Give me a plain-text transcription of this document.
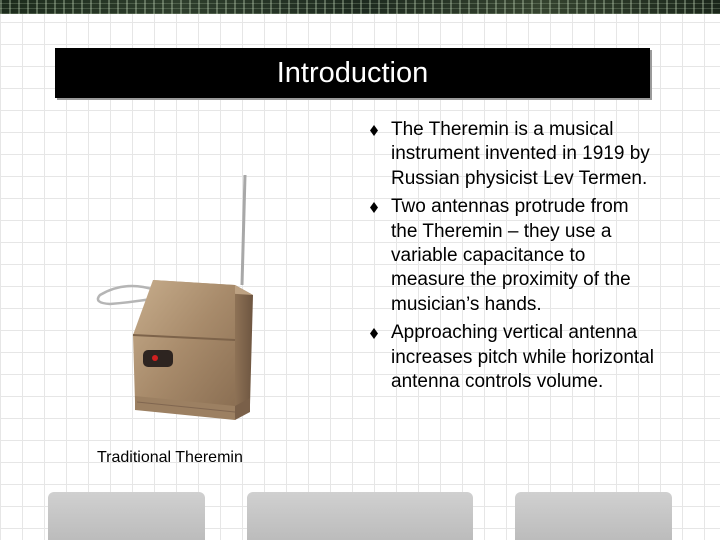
Introduction
The Theremin is a musical instrument invented in 1919 by Russian physicist Lev Termen.
Two antennas protrude from the Theremin – they use a variable capacitance to measure the proximity of the musician’s hands.
Approaching vertical antenna increases pitch while horizontal antenna controls volume.
Traditional Theremin
